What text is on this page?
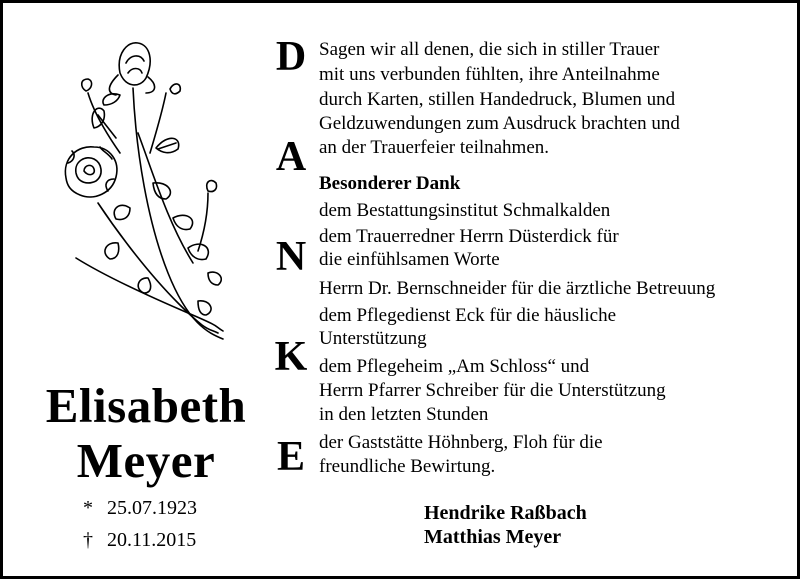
Elisabeth
Meyer
* 25.07.1923
† 20.11.2015
D
A
N
K
E
Sagen wir all denen, die sich in stiller Trauer
mit uns verbunden fühlten, ihre Anteilnahme
durch Karten, stillen Handedruck, Blumen und
Geldzuwendungen zum Ausdruck brachten und
an der Trauerfeier teilnahmen.
Besonderer Dank
dem Bestattungsinstitut Schmalkalden
dem Trauerredner Herrn Düsterdick für
die einfühlsamen Worte
Herrn Dr. Bernschneider für die ärztliche Betreuung
dem Pflegedienst Eck für die häusliche
Unterstützung
dem Pflegeheim „Am Schloss“ und
Herrn Pfarrer Schreiber für die Unterstützung
in den letzten Stunden
der Gaststätte Höhnberg, Floh für die
freundliche Bewirtung.
Hendrike Raßbach
Matthias Meyer
